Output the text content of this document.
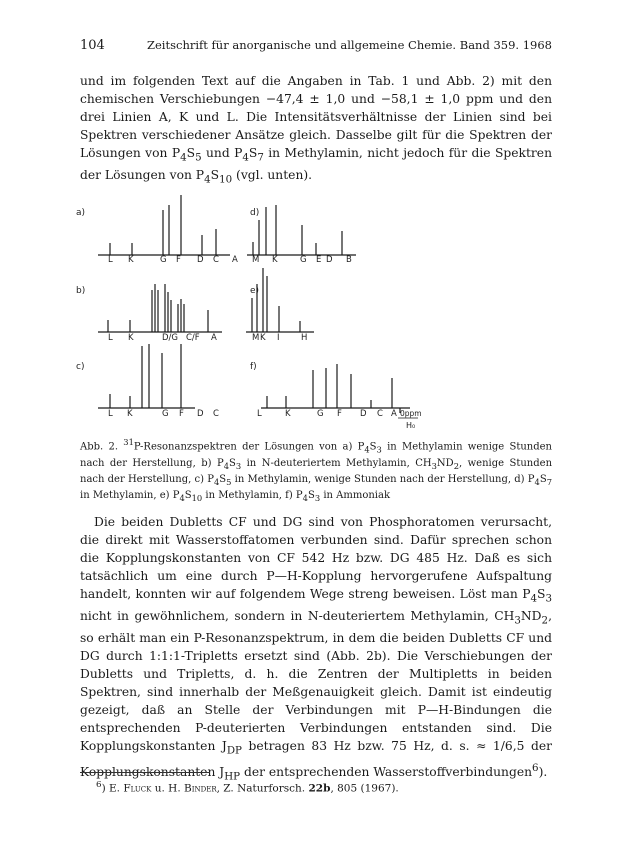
104	Zeitschrift für anorganische und allgemeine Chemie. Band 359. 1968
und im folgenden Text auf die Angaben in Tab. 1 und Abb. 2) mit den chemischen Verschiebungen −47,4 ± 1,0 und −58,1 ± 1,0 ppm und den drei Linien A, K und L. Die Intensitätsverhältnisse der Linien sind bei Spektren verschiedener Ansätze gleich. Dasselbe gilt für die Spektren der Lösungen von $P_4S_5$ und $P_4S_7$ in Methylamin, nicht jedoch für die Spektren der Lösungen von $P_4S_{10}$ (vgl. unten).
a)
L K	G F D C A
b)
L K	D/G C/F A
c)
L K	G F D C
d)
M K	G E D B
e)
M K I	H
f)
L	K	G F D C A 0ppm
H₀
Abb. 2. $^{31}$P-Resonanzspektren der Lösungen von a) $P_4S_3$ in Methylamin wenige Stunden nach der Herstellung, b) $P_4S_3$ in N-deuteriertem Methylamin, $CH_3ND_2$, wenige Stunden nach der Herstellung, c) $P_4S_5$ in Methylamin, wenige Stunden nach der Herstellung, d) $P_4S_7$ in Methylamin, e) $P_4S_{10}$ in Methylamin, f) $P_4S_3$ in Ammoniak
Die beiden Dubletts CF und DG sind von Phosphoratomen verursacht, die direkt mit Wasserstoffatomen verbunden sind. Dafür sprechen schon die Kopplungskonstanten von CF 542 Hz bzw. DG 485 Hz. Daß es sich tatsächlich um eine durch P—H-Kopplung hervorgerufene Aufspaltung handelt, konnten wir auf folgendem Wege streng beweisen. Löst man $P_4S_3$ nicht in gewöhnlichem, sondern in N-deuteriertem Methylamin, $CH_3ND_2$, so erhält man ein P-Resonanzspektrum, in dem die beiden Dubletts CF und DG durch 1:1:1-Tripletts ersetzt sind (Abb. 2b). Die Verschiebungen der Dubletts und Tripletts, d. h. die Zentren der Multipletts in beiden Spektren, sind innerhalb der Meßgenauigkeit gleich. Damit ist eindeutig gezeigt, daß an Stelle der Verbindungen mit P—H-Bindungen die entsprechenden P-deuterierten Verbindungen entstanden sind. Die Kopplungskonstanten $J_{DP}$ betragen 83 Hz bzw. 75 Hz, d. s. ≈ 1/6,5 der Kopplungskonstanten $J_{HP}$ der entsprechenden Wasserstoffverbindungen$^6$).
$^6$) E. Fluck u. H. Binder, Z. Naturforsch. 22b, 805 (1967).
